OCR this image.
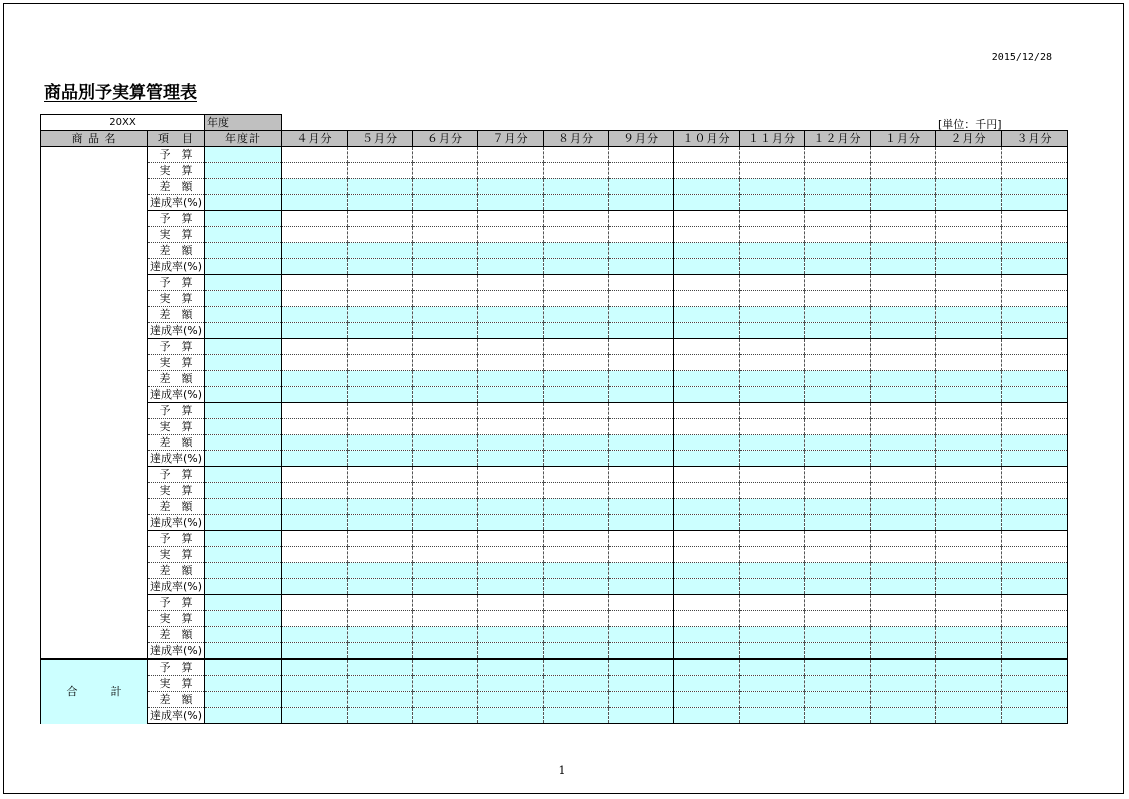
2015/12/28
商品別予実算管理表
[単位：千円]
20XX		年度												
商 品 名	項　目	年度計	４月分	５月分	６月分	７月分	８月分	９月分	１０月分	１１月分	１２月分	１月分	２月分	３月分
	予　算													
	実　算													
	差　額													
	達成率(%)													
	予　算													
	実　算													
	差　額													
	達成率(%)													
	予　算													
	実　算													
	差　額													
	達成率(%)													
	予　算													
	実　算													
	差　額													
	達成率(%)													
	予　算													
	実　算													
	差　額													
	達成率(%)													
	予　算													
	実　算													
	差　額													
	達成率(%)													
	予　算													
	実　算													
	差　額													
	達成率(%)													
	予　算													
	実　算													
	差　額													
	達成率(%)													
合　　　計	予　算													
	実　算													
	差　額													
	達成率(%)													
1
